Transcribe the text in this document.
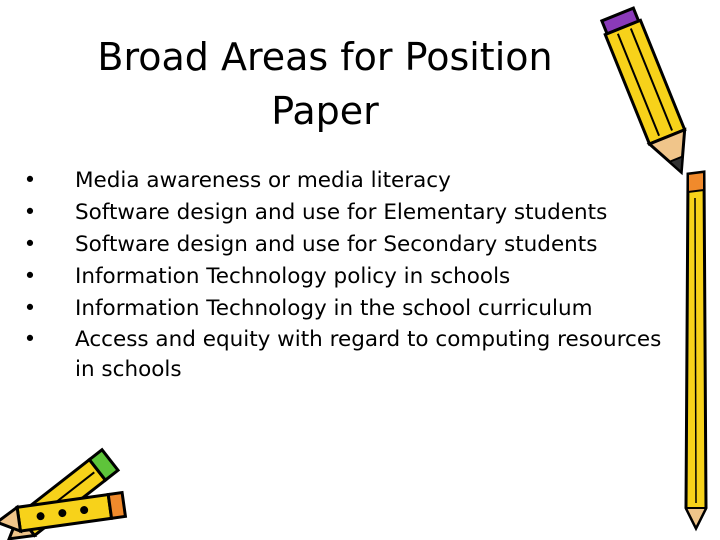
Broad Areas for Position Paper
• Media awareness or media literacy
• Software design and use for Elementary students
• Software design and use for Secondary students
• Information Technology policy in schools
• Information Technology in the school curriculum
• Access and equity with regard to computing resources in schools
